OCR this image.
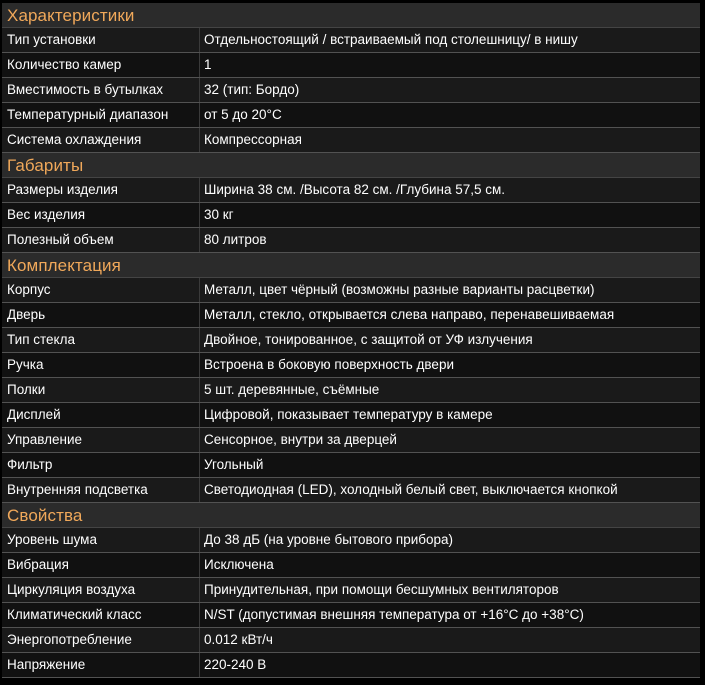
Характеристики
Тип установки	Отдельностоящий / встраиваемый под столешницу/ в нишу
Количество камер	1
Вместимость в бутылках	32 (тип: Бордо)
Температурный диапазон	от 5 до 20°С
Система охлаждения	Компрессорная
Габариты
Размеры изделия	Ширина 38 см. /Высота 82 см. /Глубина 57,5 см.
Вес изделия	30 кг
Полезный объем	80 литров
Комплектация
Корпус	Металл, цвет чёрный (возможны разные варианты расцветки)
Дверь	Металл, стекло, открывается слева направо, перенавешиваемая
Тип стекла	Двойное, тонированное, с защитой от УФ излучения
Ручка	Встроена в боковую поверхность двери
Полки	5 шт. деревянные, съёмные
Дисплей	Цифровой, показывает температуру в камере
Управление	Сенсорное, внутри за дверцей
Фильтр	Угольный
Внутренняя подсветка	Светодиодная (LED), холодный белый свет, выключается кнопкой
Свойства
Уровень шума	До 38 дБ (на уровне бытового прибора)
Вибрация	Исключена
Циркуляция воздуха	Принудительная, при помощи бесшумных вентиляторов
Климатический класс	N/ST (допустимая внешняя температура от +16°С до +38°С)
Энергопотребление	0.012 кВт/ч
Напряжение	220-240 В
